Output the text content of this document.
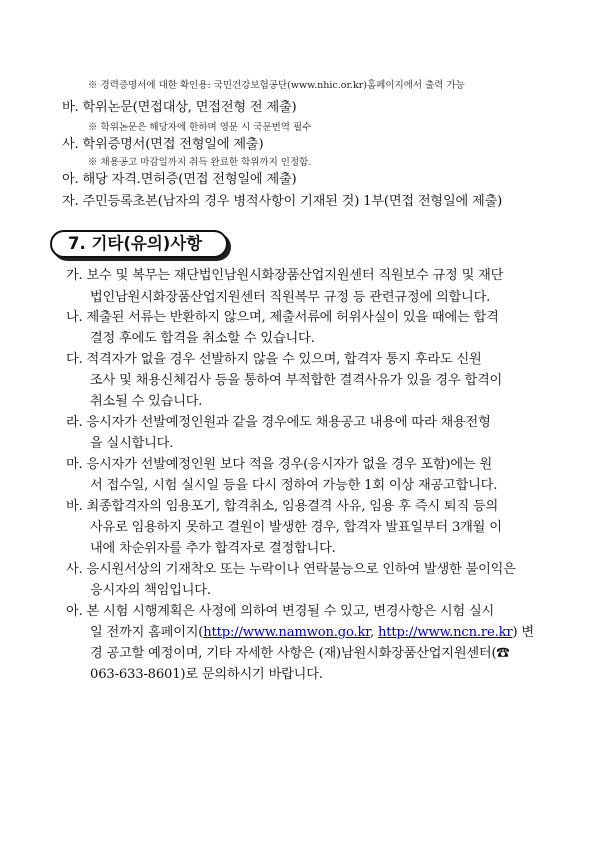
※ 경력증명서에 대한 확인용: 국민건강보험공단(www.nhic.or.kr)홈페이지에서 출력 가능
바. 학위논문(면접대상, 면접전형 전 제출)
※ 학위논문은 해당자에 한하며 영문 시 국문번역 필수
사. 학위증명서(면접 전형일에 제출)
※ 채용공고 마감일까지 취득 완료한 학위까지 인정함.
아. 해당 자격.면허증(면접 전형일에 제출)
자. 주민등록초본(남자의 경우 병적사항이 기재된 것) 1부(면접 전형일에 제출)
7. 기타(유의)사항
가. 보수 및 복무는 재단법인남원시화장품산업지원센터 직원보수 규정 및 재단
법인남원시화장품산업지원센터 직원복무 규정 등 관련규정에 의합니다.
나. 제출된 서류는 반환하지 않으며, 제출서류에 허위사실이 있을 때에는 합격
결정 후에도 합격을 취소할 수 있습니다.
다. 적격자가 없을 경우 선발하지 않을 수 있으며, 합격자 통지 후라도 신원
조사 및 채용신체검사 등을 통하여 부적합한 결격사유가 있을 경우 합격이
취소될 수 있습니다.
라. 응시자가 선발예정인원과 같을 경우에도 채용공고 내용에 따라 채용전형
을 실시합니다.
마. 응시자가 선발예정인원 보다 적을 경우(응시자가 없을 경우 포함)에는 원
서 접수일, 시험 실시일 등을 다시 정하여 가능한 1회 이상 재공고합니다.
바. 최종합격자의 임용포기, 합격취소, 임용결격 사유, 임용 후 즉시 퇴직 등의
사유로 임용하지 못하고 결원이 발생한 경우, 합격자 발표일부터 3개월 이
내에 차순위자를 추가 합격자로 결정합니다.
사. 응시원서상의 기재착오 또는 누락이나 연락불능으로 인하여 발생한 불이익은
응시자의 책임입니다.
아. 본 시험 시행계획은 사정에 의하여 변경될 수 있고, 변경사항은 시험 실시
일 전까지 홈페이지(http://www.namwon.go.kr, http://www.ncn.re.kr) 변
경 공고할 예정이며, 기타 자세한 사항은 (재)남원시화장품산업지원센터(☎
063-633-8601)로 문의하시기 바랍니다.
